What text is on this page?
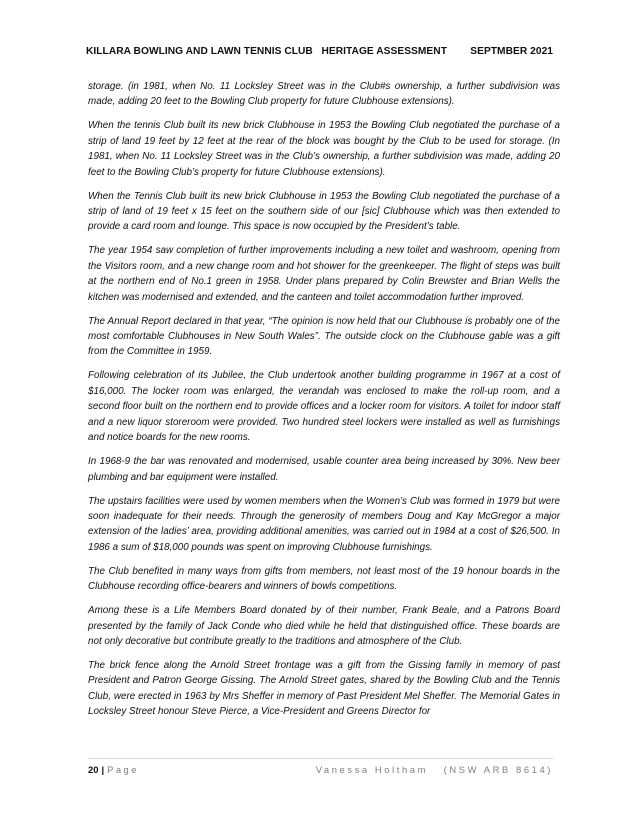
KILLARA BOWLING AND LAWN TENNIS CLUB   HERITAGE ASSESSMENT SEPTMBER 2021

storage. (in 1981, when No. 11 Locksley Street was in the Club#s ownership, a further subdivision was made, adding 20 feet to the Bowling Club property for future Clubhouse extensions).

When the tennis Club built its new brick Clubhouse in 1953 the Bowling Club negotiated the purchase of a strip of land 19 feet by 12 feet at the rear of the block was bought by the Club to be used for storage. (In 1981, when No. 11 Locksley Street was in the Club’s ownership, a further subdivision was made, adding 20 feet to the Bowling Club’s property for future Clubhouse extensions).

When the Tennis Club built its new brick Clubhouse in 1953 the Bowling Club negotiated the purchase of a strip of land of 19 feet x 15 feet on the southern side of our [sic] Clubhouse which was then extended to provide a card room and lounge. This space is now occupied by the President’s table.

The year 1954 saw completion of further improvements including a new toilet and washroom, opening from the Visitors room, and a new change room and hot shower for the greenkeeper. The flight of steps was built at the northern end of No.1 green in 1958. Under plans prepared by Colin Brewster and Brian Wells the kitchen was modernised and extended, and the canteen and toilet accommodation further improved.

The Annual Report declared in that year, “The opinion is now held that our Clubhouse is probably one of the most comfortable Clubhouses in New South Wales”. The outside clock on the Clubhouse gable was a gift from the Committee in 1959.

Following celebration of its Jubilee, the Club undertook another building programme in 1967 at a cost of $16,000. The locker room was enlarged, the verandah was enclosed to make the roll-up room, and a second floor built on the northern end to provide offices and a locker room for visitors. A toilet for indoor staff and a new liquor storeroom were provided. Two hundred steel lockers were installed as well as furnishings and notice boards for the new rooms.

In 1968-9 the bar was renovated and modernised, usable counter area being increased by 30%. New beer plumbing and bar equipment were installed.

The upstairs facilities were used by women members when the Women’s Club was formed in 1979 but were soon inadequate for their needs. Through the generosity of members Doug and Kay McGregor a major extension of the ladies’ area, providing additional amenities, was carried out in 1984 at a cost of $26,500. In 1986 a sum of $18,000 pounds was spent on improving Clubhouse furnishings.

The Club benefited in many ways from gifts from members, not least most of the 19 honour boards in the Clubhouse recording office-bearers and winners of bowls competitions.

Among these is a Life Members Board donated by of their number, Frank Beale, and a Patrons Board presented by the family of Jack Conde who died while he held that distinguished office. These boards are not only decorative but contribute greatly to the traditions and atmosphere of the Club.

The brick fence along the Arnold Street frontage was a gift from the Gissing family in memory of past President and Patron George Gissing. The Arnold Street gates, shared by the Bowling Club and the Tennis Club, were erected in 1963 by Mrs Sheffer in memory of Past President Mel Sheffer. The Memorial Gates in Locksley Street honour Steve Pierce, a Vice-President and Greens Director for

20 | Page	Vanessa Holtham   (NSW ARB 8614)
